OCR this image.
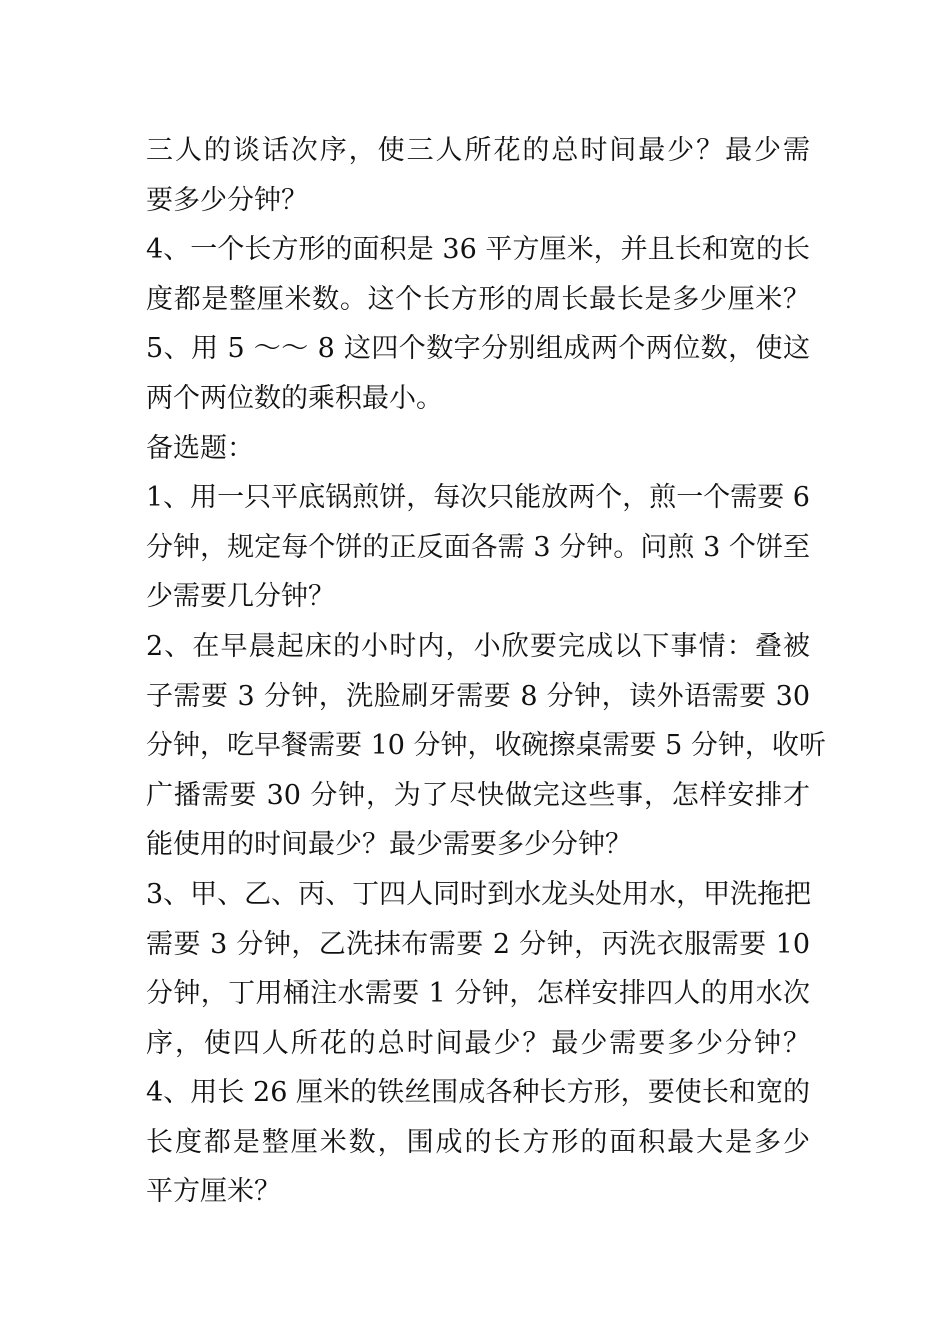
三人的谈话次序，使三人所花的总时间最少？最少需
要多少分钟？
4、一个长方形的面积是 36 平方厘米，并且长和宽的长
度都是整厘米数。这个长方形的周长最长是多少厘米？
5、用 5 ～～ 8 这四个数字分别组成两个两位数，使这
两个两位数的乘积最小。
备选题：
1、用一只平底锅煎饼，每次只能放两个，煎一个需要 6
分钟，规定每个饼的正反面各需 3 分钟。问煎 3 个饼至
少需要几分钟？
2、在早晨起床的小时内，小欣要完成以下事情：叠被
子需要 3 分钟，洗脸刷牙需要 8 分钟，读外语需要 30
分钟，吃早餐需要 10 分钟，收碗擦桌需要 5 分钟，收听
广播需要 30 分钟，为了尽快做完这些事，怎样安排才
能使用的时间最少？最少需要多少分钟？
3、甲、乙、丙、丁四人同时到水龙头处用水，甲洗拖把
需要 3 分钟，乙洗抹布需要 2 分钟，丙洗衣服需要 10
分钟，丁用桶注水需要 1 分钟，怎样安排四人的用水次
序，使四人所花的总时间最少？最少需要多少分钟？
4、用长 26 厘米的铁丝围成各种长方形，要使长和宽的
长度都是整厘米数，围成的长方形的面积最大是多少
平方厘米？
